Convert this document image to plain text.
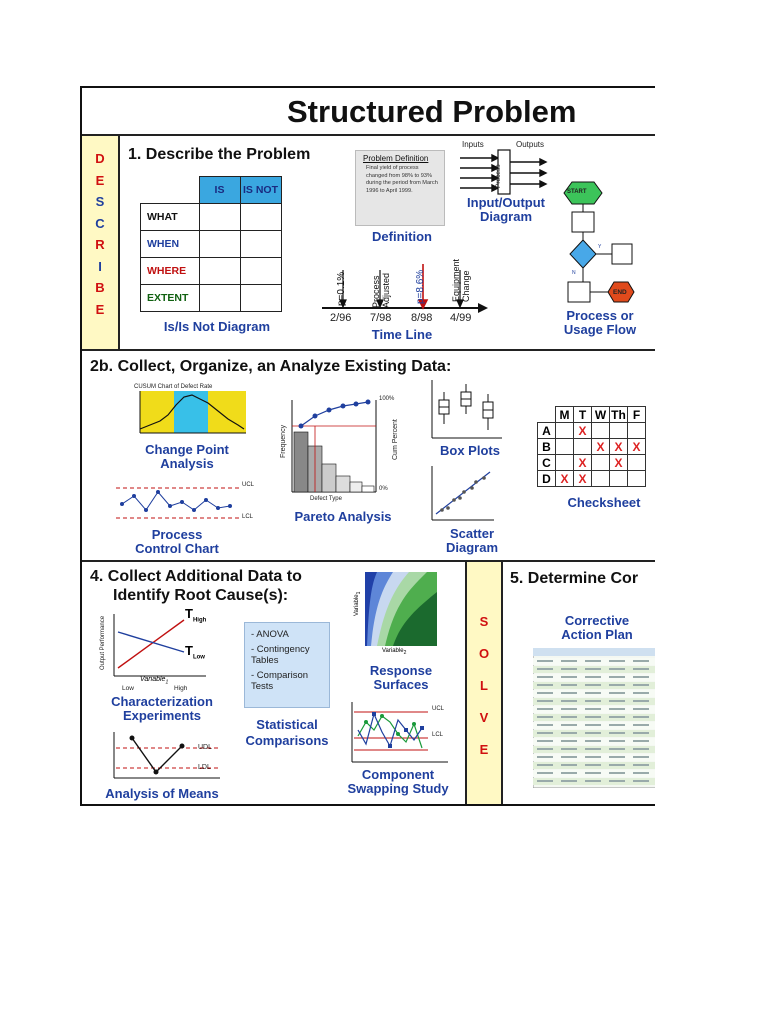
Structured Problem
D
E
S
C
R
I
B
E
1. Describe the Problem
	IS	IS NOT
WHAT		
WHEN		
WHERE		
EXTENT		
Is/Is Not Diagram
Problem Definition
Final yield of process changed from 98% to 93% during the period from March 1996 to April 1999.
Definition
Inputs	Outputs
Process
Input/Output
Diagram
p=0.1%	Process Adjusted p=8.6%	Equipment Change
2/96 7/98 8/98 4/99
Time Line
START
END
Y
N
Process or
Usage Flow
2b. Collect, Organize, an Analyze Existing Data:
CUSUM Chart of Defect Rate
Change Point
Analysis
UCL
LCL
Process
Control Chart
Frequency	Cum Percent
100%
0%
Defect Type
Pareto Analysis
Box Plots
Scatter
Diagram
	M	T	W	Th	F
A		X			
B			X	X	X
C		X		X	
D	X	X			
Checksheet
4. Collect Additional Data to
Identify Root Cause(s):
Output Performance
$T_{High}$
$T_{Low}$
Variable$_1$
Low	High
Characterization
Experiments
UDL
LDL
Analysis of Means
- ANOVA
- Contingency Tables
- Comparison Tests
Statistical
Comparisons
Variable$_1$
Variable$_2$
Response
Surfaces
UCL
LCL
Component
Swapping Study
S
O
L
V
E
5. Determine Cor
Corrective
Action Plan
